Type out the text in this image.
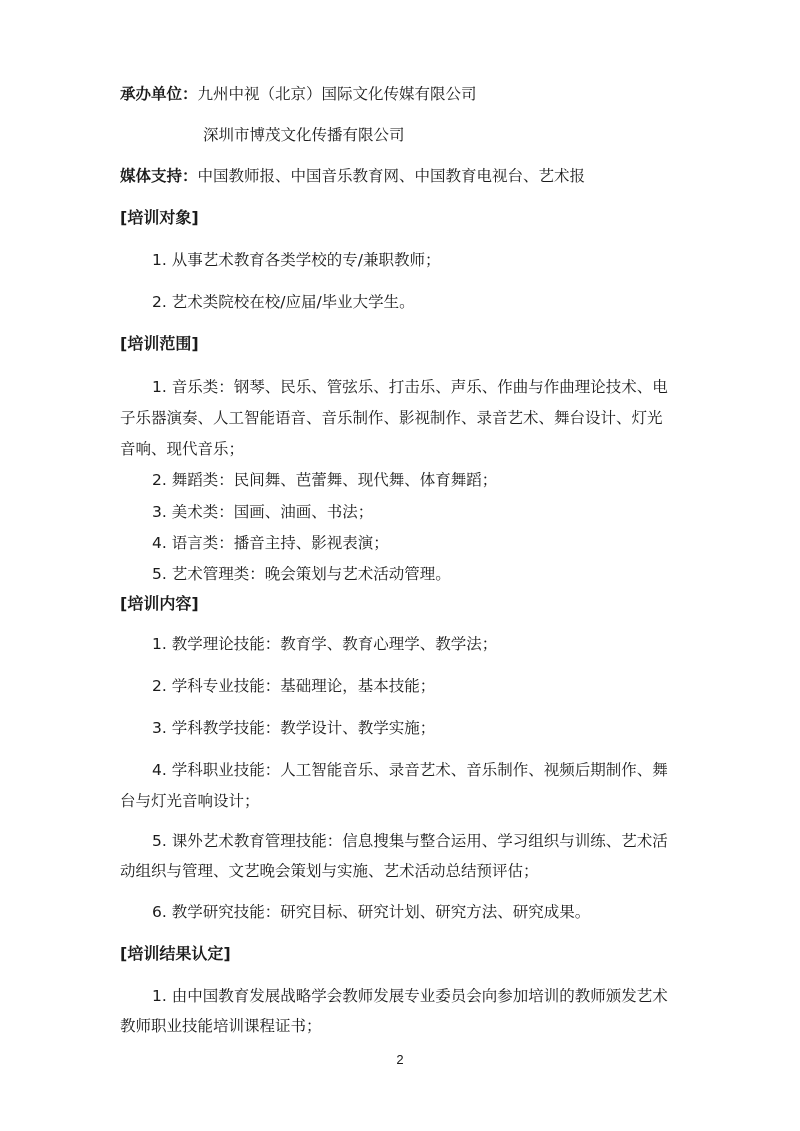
承办单位：九州中视（北京）国际文化传媒有限公司
深圳市博茂文化传播有限公司
媒体支持：中国教师报、中国音乐教育网、中国教育电视台、艺术报
[培训对象]
1. 从事艺术教育各类学校的专/兼职教师；
2. 艺术类院校在校/应届/毕业大学生。
[培训范围]
1. 音乐类：钢琴、民乐、管弦乐、打击乐、声乐、作曲与作曲理论技术、电
子乐器演奏、人工智能语音、音乐制作、影视制作、录音艺术、舞台设计、灯光
音响、现代音乐；
2. 舞蹈类：民间舞、芭蕾舞、现代舞、体育舞蹈；
3. 美术类：国画、油画、书法；
4. 语言类：播音主持、影视表演；
5. 艺术管理类：晚会策划与艺术活动管理。
[培训内容]
1. 教学理论技能：教育学、教育心理学、教学法；
2. 学科专业技能：基础理论，基本技能；
3. 学科教学技能：教学设计、教学实施；
4. 学科职业技能：人工智能音乐、录音艺术、音乐制作、视频后期制作、舞
台与灯光音响设计；
5. 课外艺术教育管理技能：信息搜集与整合运用、学习组织与训练、艺术活
动组织与管理、文艺晚会策划与实施、艺术活动总结预评估；
6. 教学研究技能：研究目标、研究计划、研究方法、研究成果。
[培训结果认定]
1. 由中国教育发展战略学会教师发展专业委员会向参加培训的教师颁发艺术
教师职业技能培训课程证书；
2
